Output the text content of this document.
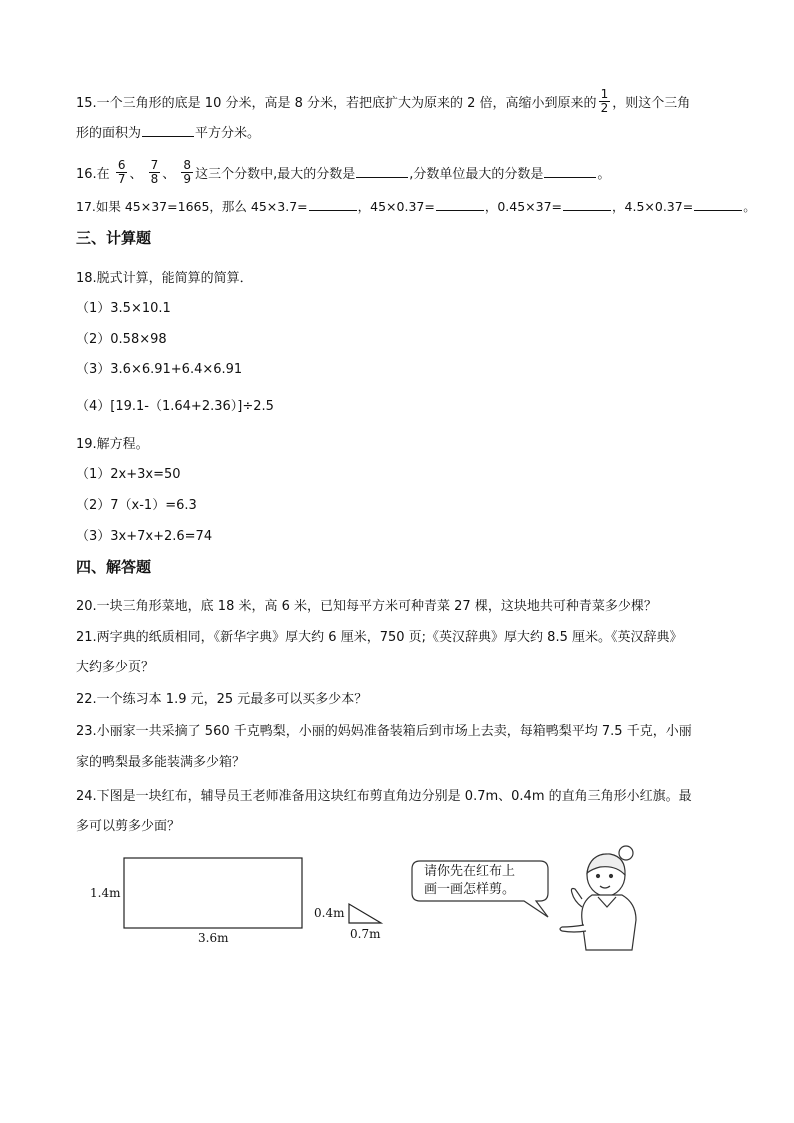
15.一个三角形的底是 10 分米，高是 8 分米，若把底扩大为原来的 2 倍，高缩小到原来的 $\frac{1}{2}$ ，则这个三角
形的面积为	平方分米。
16.在 $\frac{6}{7}$ 、 $\frac{7}{8}$ 、 $\frac{8}{9}$ 这三个分数中,最大的分数是	,分数单位最大的分数是	。
17.如果 45×37=1665，那么 45×3.7=	，45×0.37=	，0.45×37=	，4.5×0.37=	。
三、计算题
18.脱式计算，能简算的简算．
（1）3.5×10.1
（2）0.58×98
（3）3.6×6.91+6.4×6.91
（4）[19.1-（1.64+2.36）]÷2.5
19.解方程。
（1）2x+3x=50
（2）7（x-1）=6.3
（3）3x+7x+2.6=74
四、解答题
20.一块三角形菜地，底 18 米，高 6 米，已知每平方米可种青菜 27 棵，这块地共可种青菜多少棵？
21.两字典的纸质相同，《新华字典》厚大约 6 厘米，750 页;《英汉辞典》厚大约 8.5 厘米。《英汉辞典》
大约多少页？
22.一个练习本 1.9 元，25 元最多可以买多少本？
23.小丽家一共采摘了 560 千克鸭梨，小丽的妈妈准备装箱后到市场上去卖，每箱鸭梨平均 7.5 千克，小丽
家的鸭梨最多能装满多少箱？
24.下图是一块红布，辅导员王老师准备用这块红布剪直角边分别是 0.7m、0.4m 的直角三角形小红旗。最
多可以剪多少面？
1.4m
3.6m
0.4m
0.7m
请你先在红布上
画一画怎样剪。
